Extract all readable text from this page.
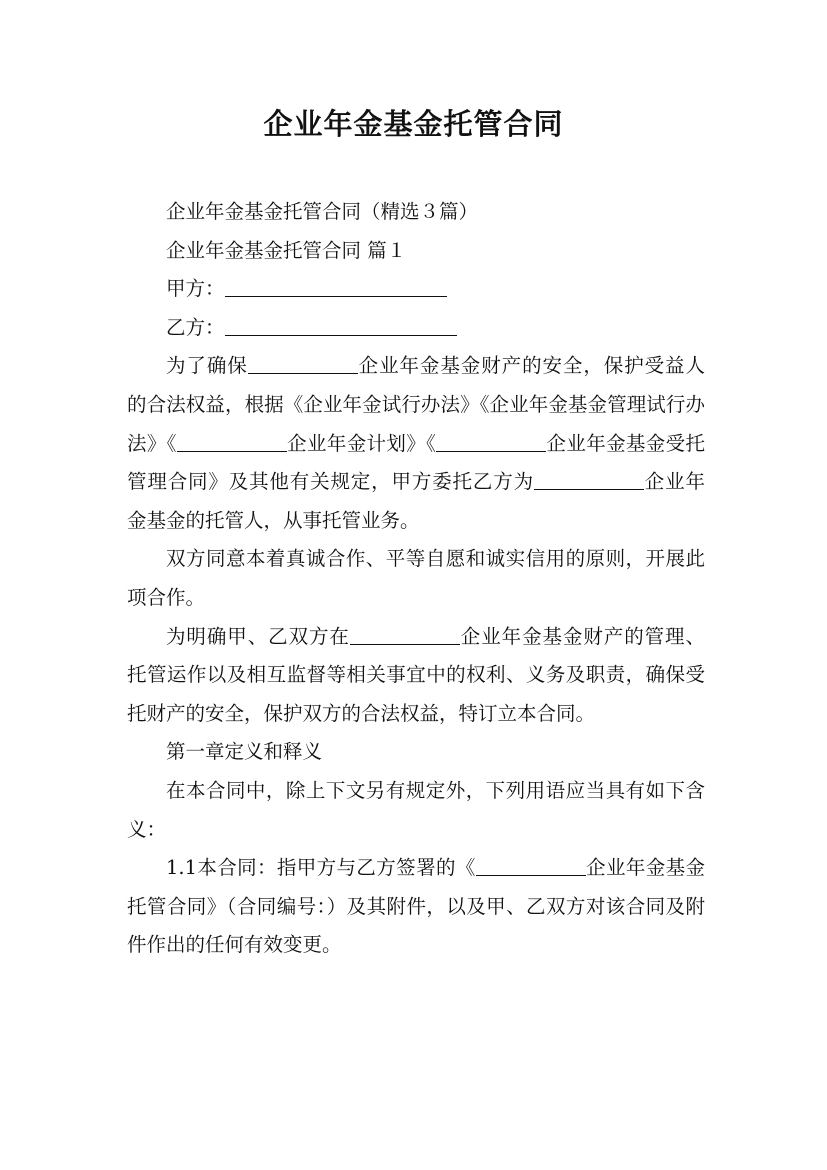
企业年金基金托管合同

企业年金基金托管合同（精选３篇）

企业年金基金托管合同 篇１

甲方：

乙方：

为了确保	企业年金基金财产的安全，保护受益人的合法权益，根据《企业年金试行办法》《企业年金基金管理试行办法》《	企业年金计划》《	企业年金基金受托管理合同》及其他有关规定，甲方委托乙方为	企业年金基金的托管人，从事托管业务。

双方同意本着真诚合作、平等自愿和诚实信用的原则，开展此项合作。

为明确甲、乙双方在	企业年金基金财产的管理、托管运作以及相互监督等相关事宜中的权利、义务及职责，确保受托财产的安全，保护双方的合法权益，特订立本合同。

第一章定义和释义

在本合同中，除上下文另有规定外，下列用语应当具有如下含义：

1.1本合同：指甲方与乙方签署的《	企业年金基金托管合同》（合同编号：）及其附件，以及甲、乙双方对该合同及附件作出的任何有效变更。
